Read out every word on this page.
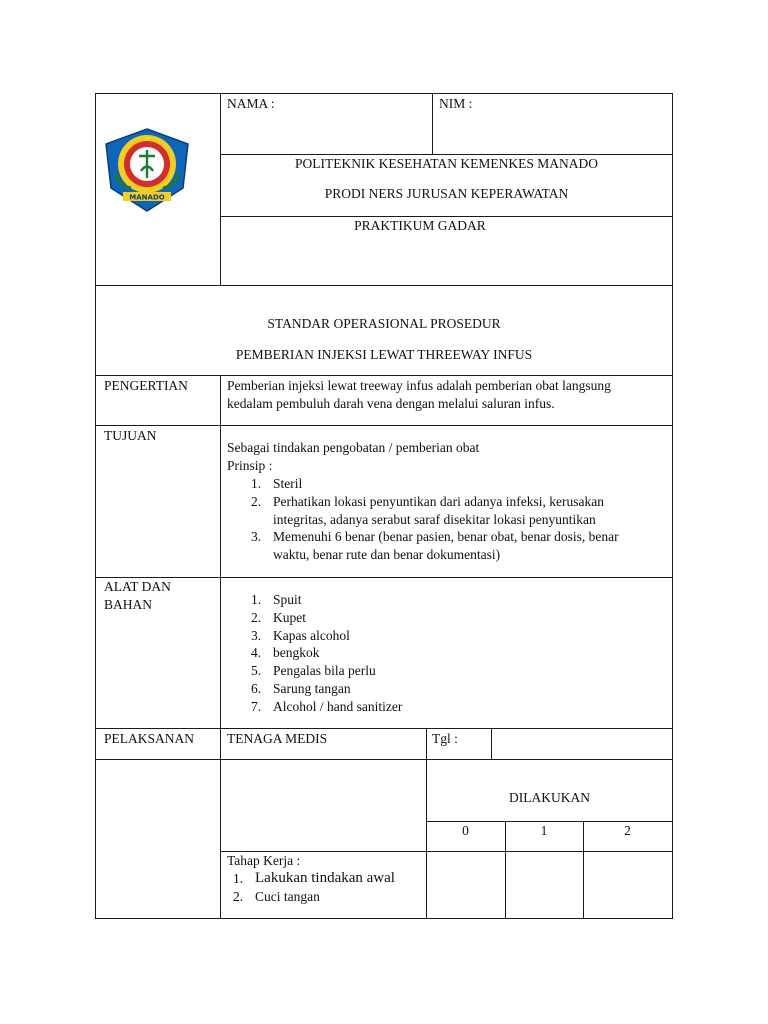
MANADO
NAMA :	NIM :
POLITEKNIK KESEHATAN KEMENKES MANADO
PRODI NERS JURUSAN KEPERAWATAN
PRAKTIKUM GADAR
STANDAR OPERASIONAL PROSEDUR
PEMBERIAN INJEKSI LEWAT THREEWAY INFUS
PENGERTIAN	Pemberian injeksi lewat treeway infus adalah pemberian obat langsung
kedalam pembuluh darah vena dengan melalui saluran infus.
TUJUAN
Sebagai tindakan pengobatan / pemberian obat
Prinsip :
1. Steril
2. Perhatikan lokasi penyuntikan dari adanya infeksi, kerusakan
integritas, adanya serabut saraf disekitar lokasi penyuntikan
3. Memenuhi 6 benar (benar pasien, benar obat, benar dosis, benar
waktu, benar rute dan benar dokumentasi)
ALAT DAN
BAHAN	1. Spuit
2. Kupet
3. Kapas alcohol
4. bengkok
5. Pengalas bila perlu
6. Sarung tangan
7. Alcohol / hand sanitizer
PELAKSANAN TENAGA MEDIS	Tgl :
DILAKUKAN
0	1	2
Tahap Kerja :
1. Lakukan tindakan awal
2. Cuci tangan
